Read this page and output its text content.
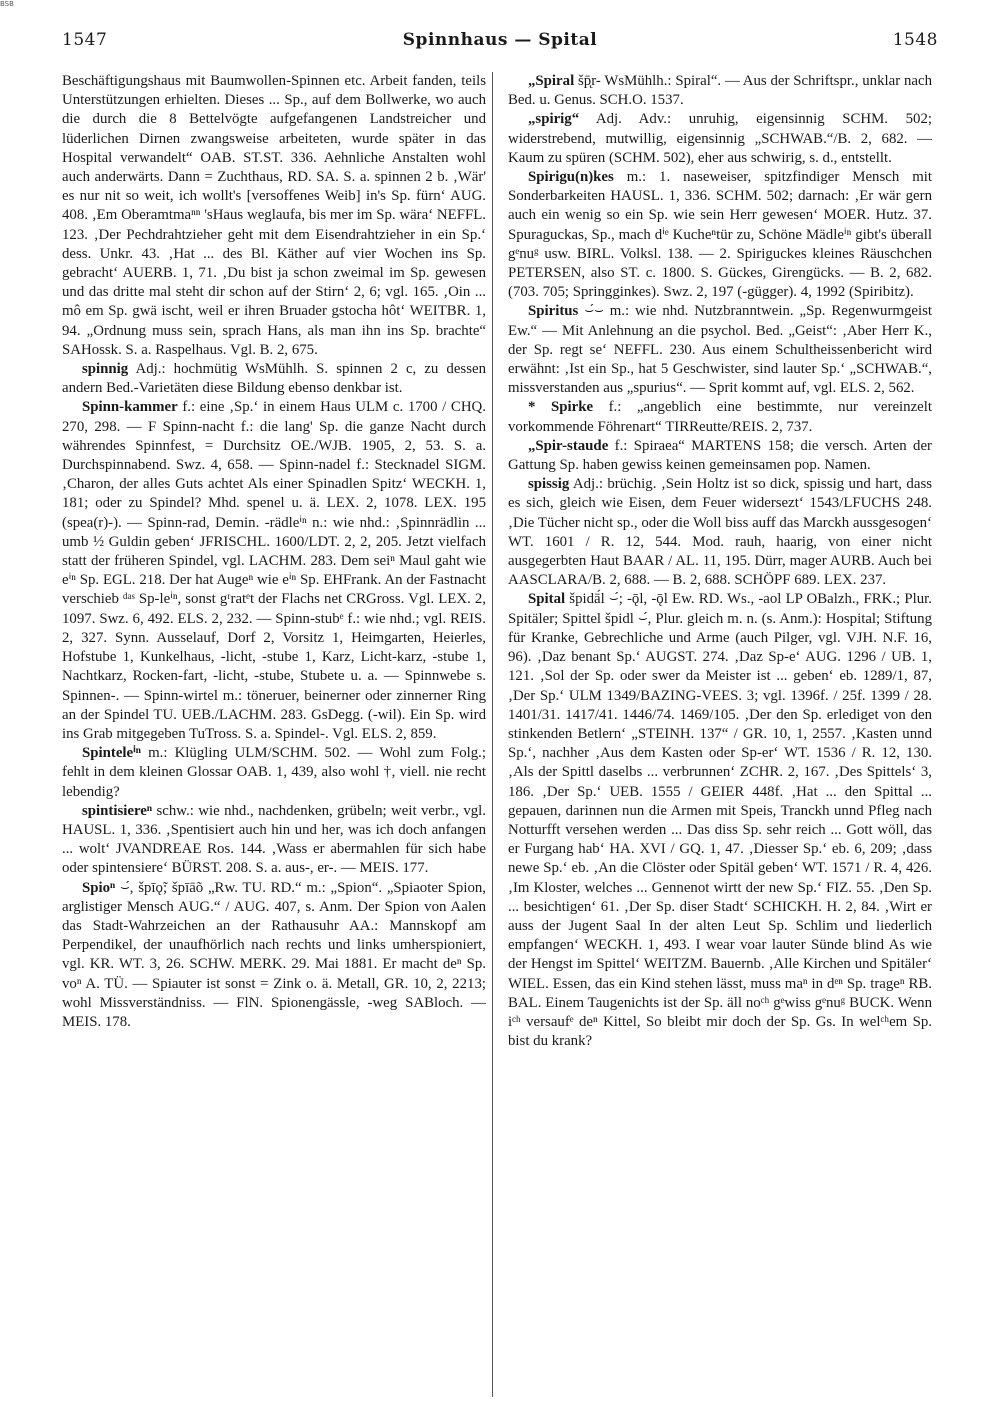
BSB
1547	Spinnhaus — Spital	1548

Beschäftigungshaus mit Baumwollen-Spinnen etc. Arbeit fanden, teils Unterstützungen erhielten. Dieses ... Sp., auf dem Bollwerke, wo auch die durch die 8 Bettelvögte aufgefangenen Landstreicher und lüderlichen Dirnen zwangsweise arbeiteten, wurde später in das Hospital verwandelt“ OAB. ST.ST. 336. Aehnliche Anstalten wohl auch anderwärts. Dann = Zuchthaus, RD. SA. S. a. spinnen 2 b. ‚Wär' es nur nit so weit, ich wollt's [versoffenes Weib] in's Sp. fürn‘ AUG. 408. ‚Em Oberamtmaⁿⁿ 'sHaus weglaufa, bis mer im Sp. wära‘ NEFFL. 123. ‚Der Pechdrahtzieher geht mit dem Eisendrahtzieher in ein Sp.‘ dess. Unkr. 43. ‚Hat ... des Bl. Käther auf vier Wochen ins Sp. gebracht‘ AUERB. 1, 71. ‚Du bist ja schon zweimal im Sp. gewesen und das dritte mal steht dir schon auf der Stirn‘ 2, 6; vgl. 165. ‚Oin ... mô em Sp. gwä ischt, weil er ihren Bruader gstocha hôt‘ WEITBR. 1, 94. „Ordnung muss sein, sprach Hans, als man ihn ins Sp. brachte“ SAHossk. S. a. Raspelhaus. Vgl. B. 2, 675.

spinnig Adj.: hochmütig WsMühlh. S. spinnen 2 c, zu dessen andern Bed.-Varietäten diese Bildung ebenso denkbar ist.

Spinn-kammer f.: eine ‚Sp.‘ in einem Haus ULM c. 1700 / CHQ. 270, 298. — F Spinn-nacht f.: die lang' Sp. die ganze Nacht durch währendes Spinnfest, = Durchsitz OE./WJB. 1905, 2, 53. S. a. Durchspinnabend. Swz. 4, 658. — Spinn-nadel f.: Stecknadel SIGM. ‚Charon, der alles Guts achtet Als einer Spinadlen Spitz‘ WECKH. 1, 181; oder zu Spindel? Mhd. spenel u. ä. LEX. 2, 1078. LEX. 195 (spea(r)-). — Spinn-rad, Demin. -rädleⁱⁿ n.: wie nhd.: ‚Spinnrädlin ... umb ½ Guldin geben‘ JFRISCHL. 1600/LDT. 2, 2, 205. Jetzt vielfach statt der früheren Spindel, vgl. LACHM. 283. Dem seiⁿ Maul gaht wie eⁱⁿ Sp. EGL. 218. Der hat Augeⁿ wie eⁱⁿ Sp. EHFrank. An der Fastnacht verschieb ᵈᵃˢ Sp-leⁱⁿ, sonst gʳratᵉt der Flachs net CRGross. Vgl. LEX. 2, 1097. Swz. 6, 492. ELS. 2, 232. — Spinn-stubᵉ f.: wie nhd.; vgl. REIS. 2, 327. Synn. Ausselauf, Dorf 2, Vorsitz 1, Heimgarten, Heierles, Hofstube 1, Kunkelhaus, -licht, -stube 1, Karz, Licht-karz, -stube 1, Nachtkarz, Rocken-fart, -licht, -stube, Stubete u. a. — Spinnwebe s. Spinnen-. — Spinn-wirtel m.: töneruer, beinerner oder zinnerner Ring an der Spindel TU. UEB./LACHM. 283. GsDegg. (-wil). Ein Sp. wird ins Grab mitgegeben TuTross. S. a. Spindel-. Vgl. ELS. 2, 859.

Spinteleⁱⁿ m.: Klügling ULM/SCHM. 502. — Wohl zum Folg.; fehlt in dem kleinen Glossar OAB. 1, 439, also wohl †, viell. nie recht lebendig?

spintisiereⁿ schw.: wie nhd., nachdenken, grübeln; weit verbr., vgl. HAUSL. 1, 336. ‚Spentisiert auch hin und her, was ich doch anfangen ... wolt‘ JVANDREAE Ros. 144. ‚Wass er abermahlen für sich habe oder spintensiere‘ BÜRST. 208. S. a. aus-, er-. — MEIS. 177.

Spioⁿ ⌣́, špīǫ̃; špīāõ „Rw. TU. RD.“ m.: „Spion“. „Spiaoter Spion, arglistiger Mensch AUG.“ / AUG. 407, s. Anm. Der Spion von Aalen das Stadt-Wahrzeichen an der Rathausuhr AA.: Mannskopf am Perpendikel, der unaufhörlich nach rechts und links umherspioniert, vgl. KR. WT. 3, 26. SCHW. MERK. 29. Mai 1881. Er macht deⁿ Sp. voⁿ A. TÜ. — Spiauter ist sonst = Zink o. ä. Metall, GR. 10, 2, 2213; wohl Missverständniss. — FlN. Spionengässle, -weg SABloch. — MEIS. 178.

„Spiral šp̨̄r- WsMühlh.: Spiral“. — Aus der Schriftspr., unklar nach Bed. u. Genus. SCH.O. 1537.

„spirig“ Adj. Adv.: unruhig, eigensinnig SCHM. 502; widerstrebend, mutwillig, eigensinnig „SCHWAB.“/B. 2, 682. — Kaum zu spüren (SCHM. 502), eher aus schwirig, s. d., entstellt.

Spirigu(n)kes m.: 1. naseweiser, spitzfindiger Mensch mit Sonderbarkeiten HAUSL. 1, 336. SCHM. 502; darnach: ‚Er wär gern auch ein wenig so ein Sp. wie sein Herr gewesen‘ MOER. Hutz. 37. Spuraguckas, Sp., mach dⁱᵉ Kucheⁿtür zu, Schöne Mädleⁱⁿ gibt's überall gᵉnuᵍ usw. BIRL. Volksl. 138. — 2. Spiriguckes kleines Räuschchen PETERSEN, also ST. c. 1800. S. Gückes, Girengücks. — B. 2, 682. (703. 705; Springginkes). Swz. 2, 197 (-gügger). 4, 1992 (Spiribitz).

Spiritus ⌣́⌣ m.: wie nhd. Nutzbranntwein. „Sp. Regenwurmgeist Ew.“ — Mit Anlehnung an die psychol. Bed. „Geist“: ‚Aber Herr K., der Sp. regt se‘ NEFFL. 230. Aus einem Schultheissenbericht wird erwähnt: ‚Ist ein Sp., hat 5 Geschwister, sind lauter Sp.‘ „SCHWAB.“, missverstanden aus „spurius“. — Sprit kommt auf, vgl. ELS. 2, 562.

* Spirke f.: „angeblich eine bestimmte, nur vereinzelt vorkommende Föhrenart“ TIRReutte/REIS. 2, 737.

„Spir-staude f.: Spiraea“ MARTENS 158; die versch. Arten der Gattung Sp. haben gewiss keinen gemeinsamen pop. Namen.

spissig Adj.: brüchig. ‚Sein Holtz ist so dick, spissig und hart, dass es sich, gleich wie Eisen, dem Feuer widersezt‘ 1543/LFUCHS 248. ‚Die Tücher nicht sp., oder die Woll biss auff das Marckh aussgesogen‘ WT. 1601 / R. 12, 544. Mod. rauh, haarig, von einer nicht ausgegerbten Haut BAAR / AL. 11, 195. Dürr, mager AURB. Auch bei AASCLARA/B. 2, 688. — B. 2, 688. SCHÖPF 689. LEX. 237.

Spital špidā́l ⌣́; -ǭl, -ǭl Ew. RD. Ws., -aol LP OBalzh., FRK.; Plur. Spitäler; Spittel špidl ⌣́, Plur. gleich m. n. (s. Anm.): Hospital; Stiftung für Kranke, Gebrechliche und Arme (auch Pilger, vgl. VJH. N.F. 16, 96). ‚Daz benant Sp.‘ AUGST. 274. ‚Daz Sp-e‘ AUG. 1296 / UB. 1, 121. ‚Sol der Sp. oder swer da Meister ist ... geben‘ eb. 1289/1, 87, ‚Der Sp.‘ ULM 1349/BAZING-VEES. 3; vgl. 1396f. / 25f. 1399 / 28. 1401/31. 1417/41. 1446/74. 1469/105. ‚Der den Sp. erlediget von den stinkenden Betlern‘ „STEINH. 137“ / GR. 10, 1, 2557. ‚Kasten unnd Sp.‘, nachher ‚Aus dem Kasten oder Sp-er‘ WT. 1536 / R. 12, 130. ‚Als der Spittl daselbs ... verbrunnen‘ ZCHR. 2, 167. ‚Des Spittels‘ 3, 186. ‚Der Sp.‘ UEB. 1555 / GEIER 448f. ‚Hat ... den Spittal ... gepauen, darinnen nun die Armen mit Speis, Tranckh unnd Pfleg nach Notturfft versehen werden ... Das diss Sp. sehr reich ... Gott wöll, das er Furgang hab‘ HA. XVI / GQ. 1, 47. ‚Diesser Sp.‘ eb. 6, 209; ‚dass newe Sp.‘ eb. ‚An die Clöster oder Spitäl geben‘ WT. 1571 / R. 4, 426. ‚Im Kloster, welches ... Gennenot wirtt der new Sp.‘ FIZ. 55. ‚Den Sp. ... besichtigen‘ 61. ‚Der Sp. diser Stadt‘ SCHICKH. H. 2, 84. ‚Wirt er auss der Jugent Saal In der alten Leut Sp. Schlim und liederlich empfangen‘ WECKH. 1, 493. I wear voar lauter Sünde blind As wie der Hengst im Spittel‘ WEITZM. Bauernb. ‚Alle Kirchen und Spitäler‘ WIEL. Essen, das ein Kind stehen lässt, muss maⁿ in dᵉⁿ Sp. trageⁿ RB. BAL. Einem Taugenichts ist der Sp. äll noᶜʰ gᵉwiss gᵉnuᵍ BUCK. Wenn iᶜʰ versaufᵉ deⁿ Kittel, So bleibt mir doch der Sp. Gs. In welᶜʰem Sp. bist du krank?
